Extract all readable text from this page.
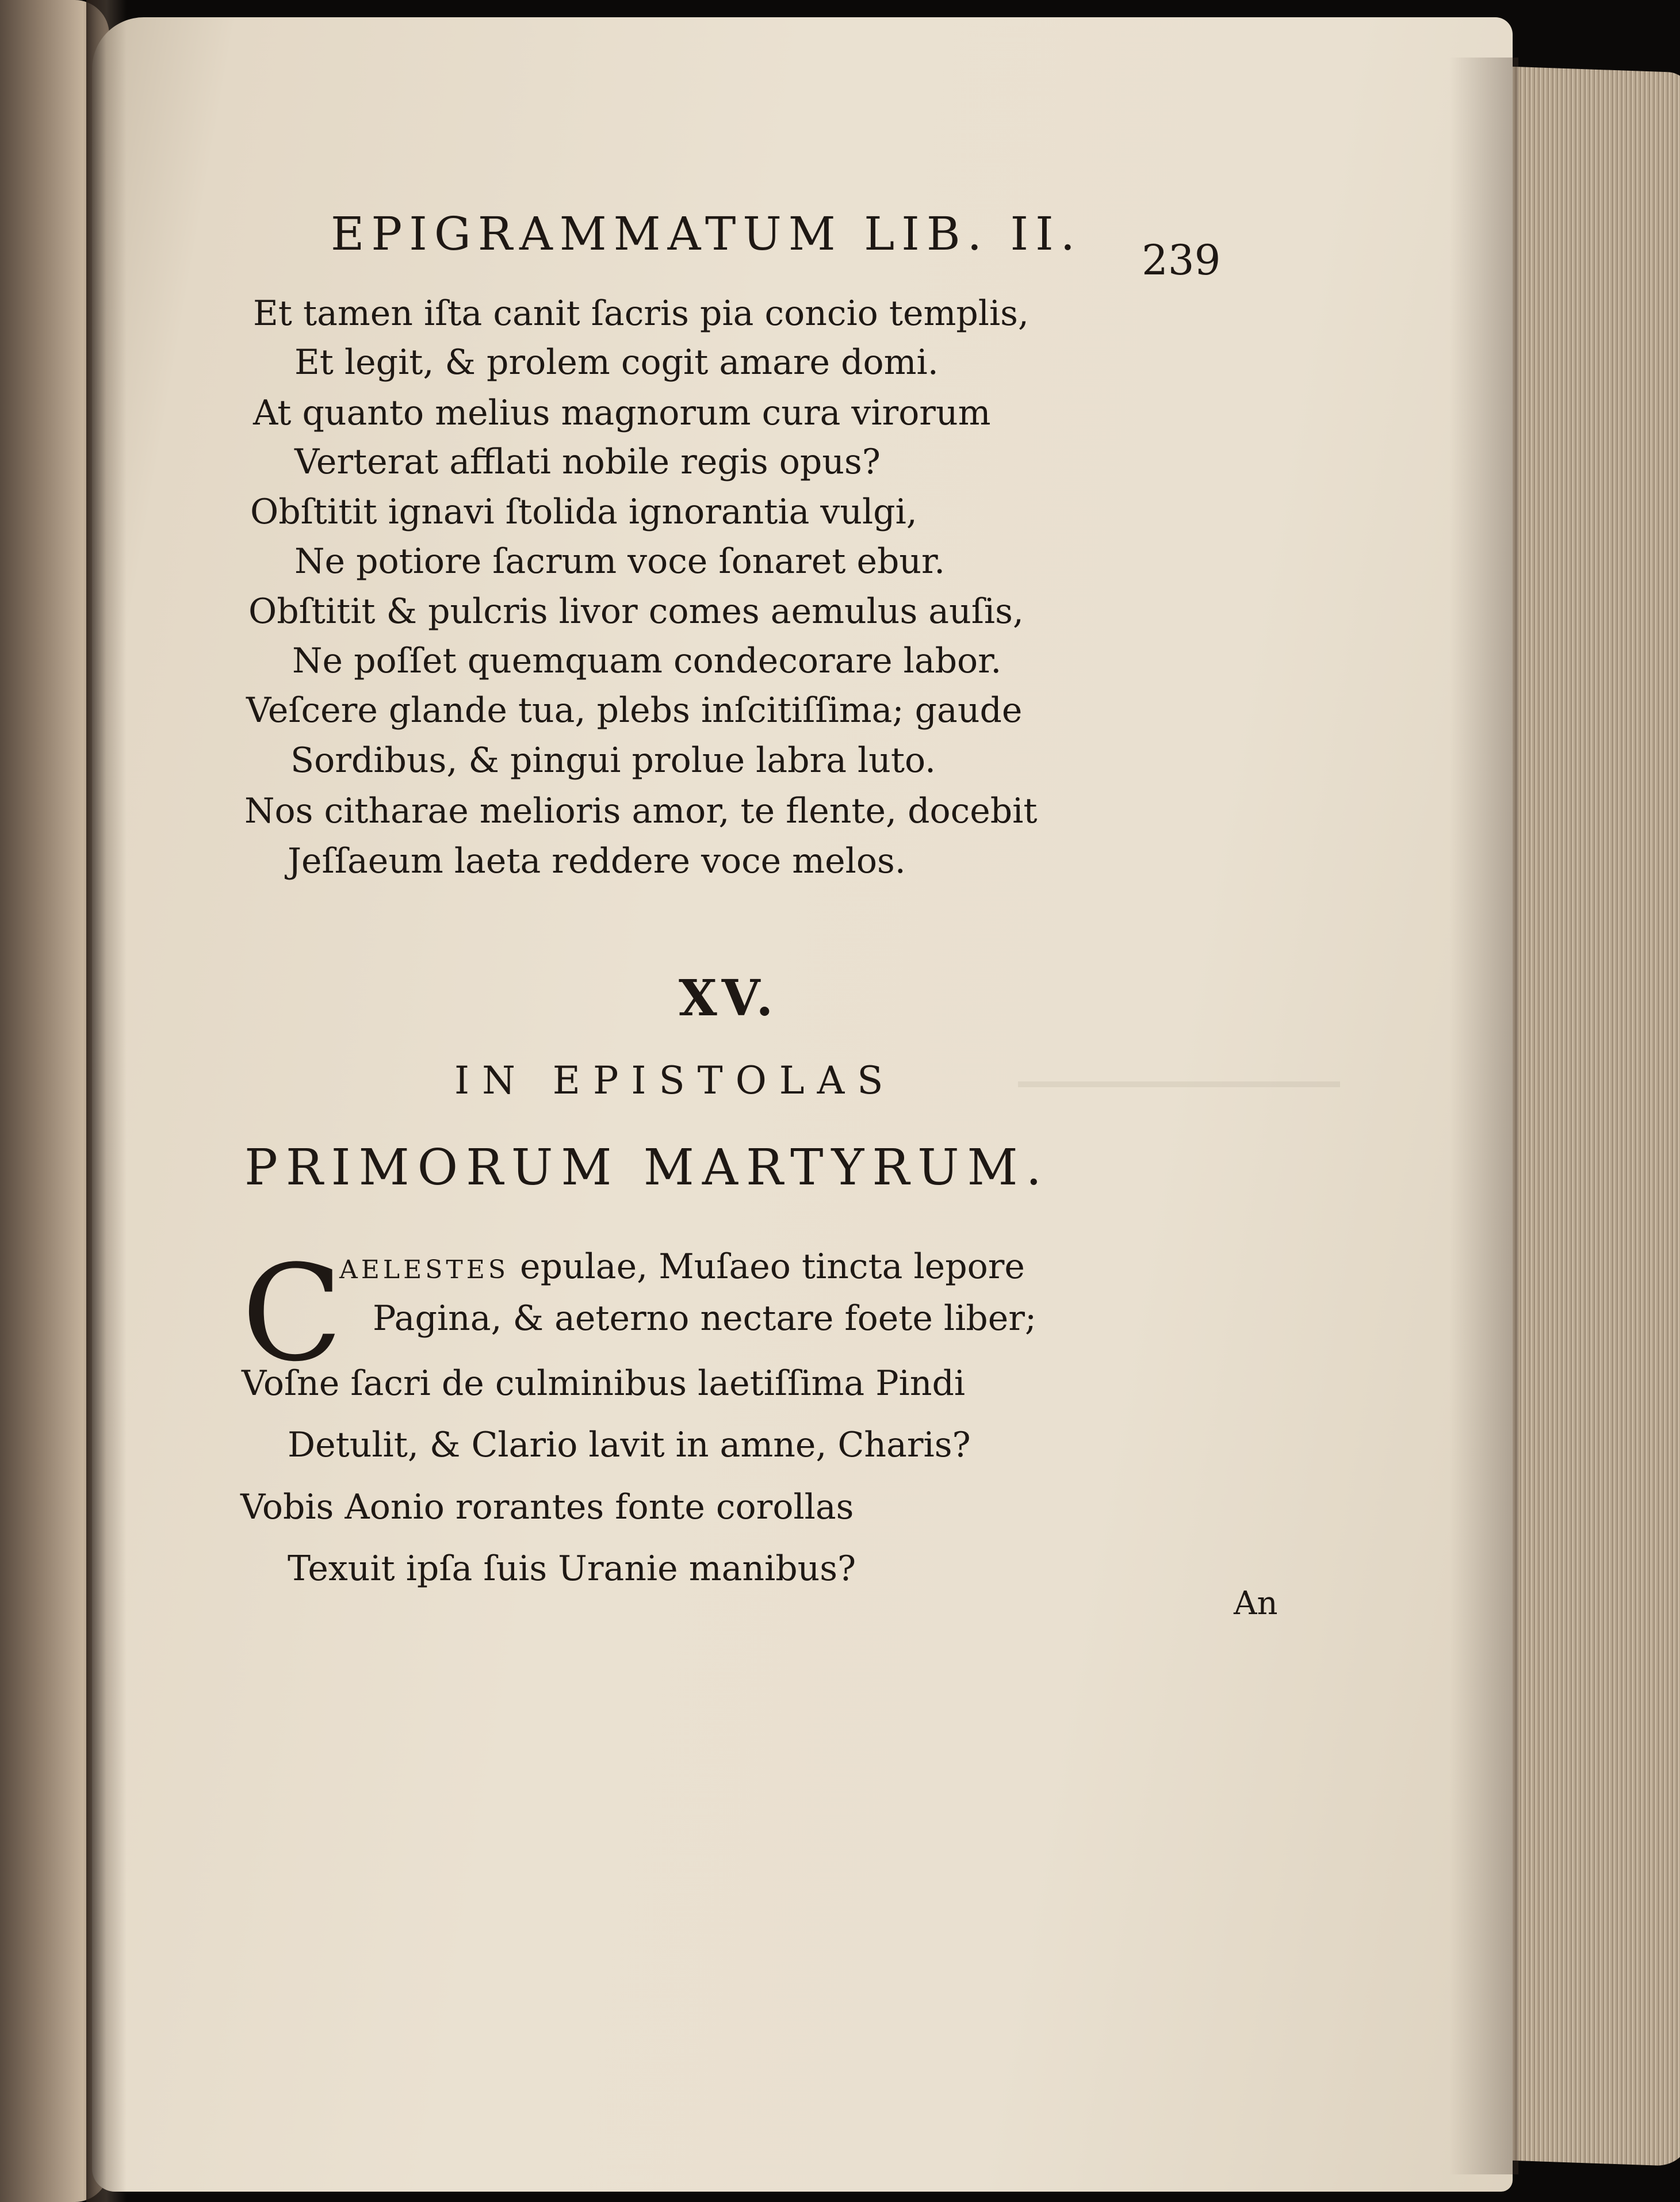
EPIGRAMMATUM LIB. II. 239
Et tamen iſta canit ſacris pia concio templis,
Et legit, & prolem cogit amare domi.
At quanto melius magnorum cura virorum
Verterat afflati nobile regis opus?
Obſtitit ignavi ſtolida ignorantia vulgi,
Ne potiore ſacrum voce ſonaret ebur.
Obſtitit & pulcris livor comes aemulus auſis,
Ne poſſet quemquam condecorare labor.
Veſcere glande tua, plebs inſcitiſſima; gaude
Sordibus, & pingui prolue labra luto.
Nos citharae melioris amor, te flente, docebit
Jeſſaeum laeta reddere voce melos.
XV.
IN EPISTOLAS
PRIMORUM MARTYRUM.
C
AELESTES epulae, Muſaeo tincta lepore
Pagina, & aeterno nectare foete liber;
Voſne ſacri de culminibus laetiſſima Pindi
Detulit, & Clario lavit in amne, Charis?
Vobis Aonio rorantes fonte corollas
Texuit ipſa ſuis Uranie manibus?
An
